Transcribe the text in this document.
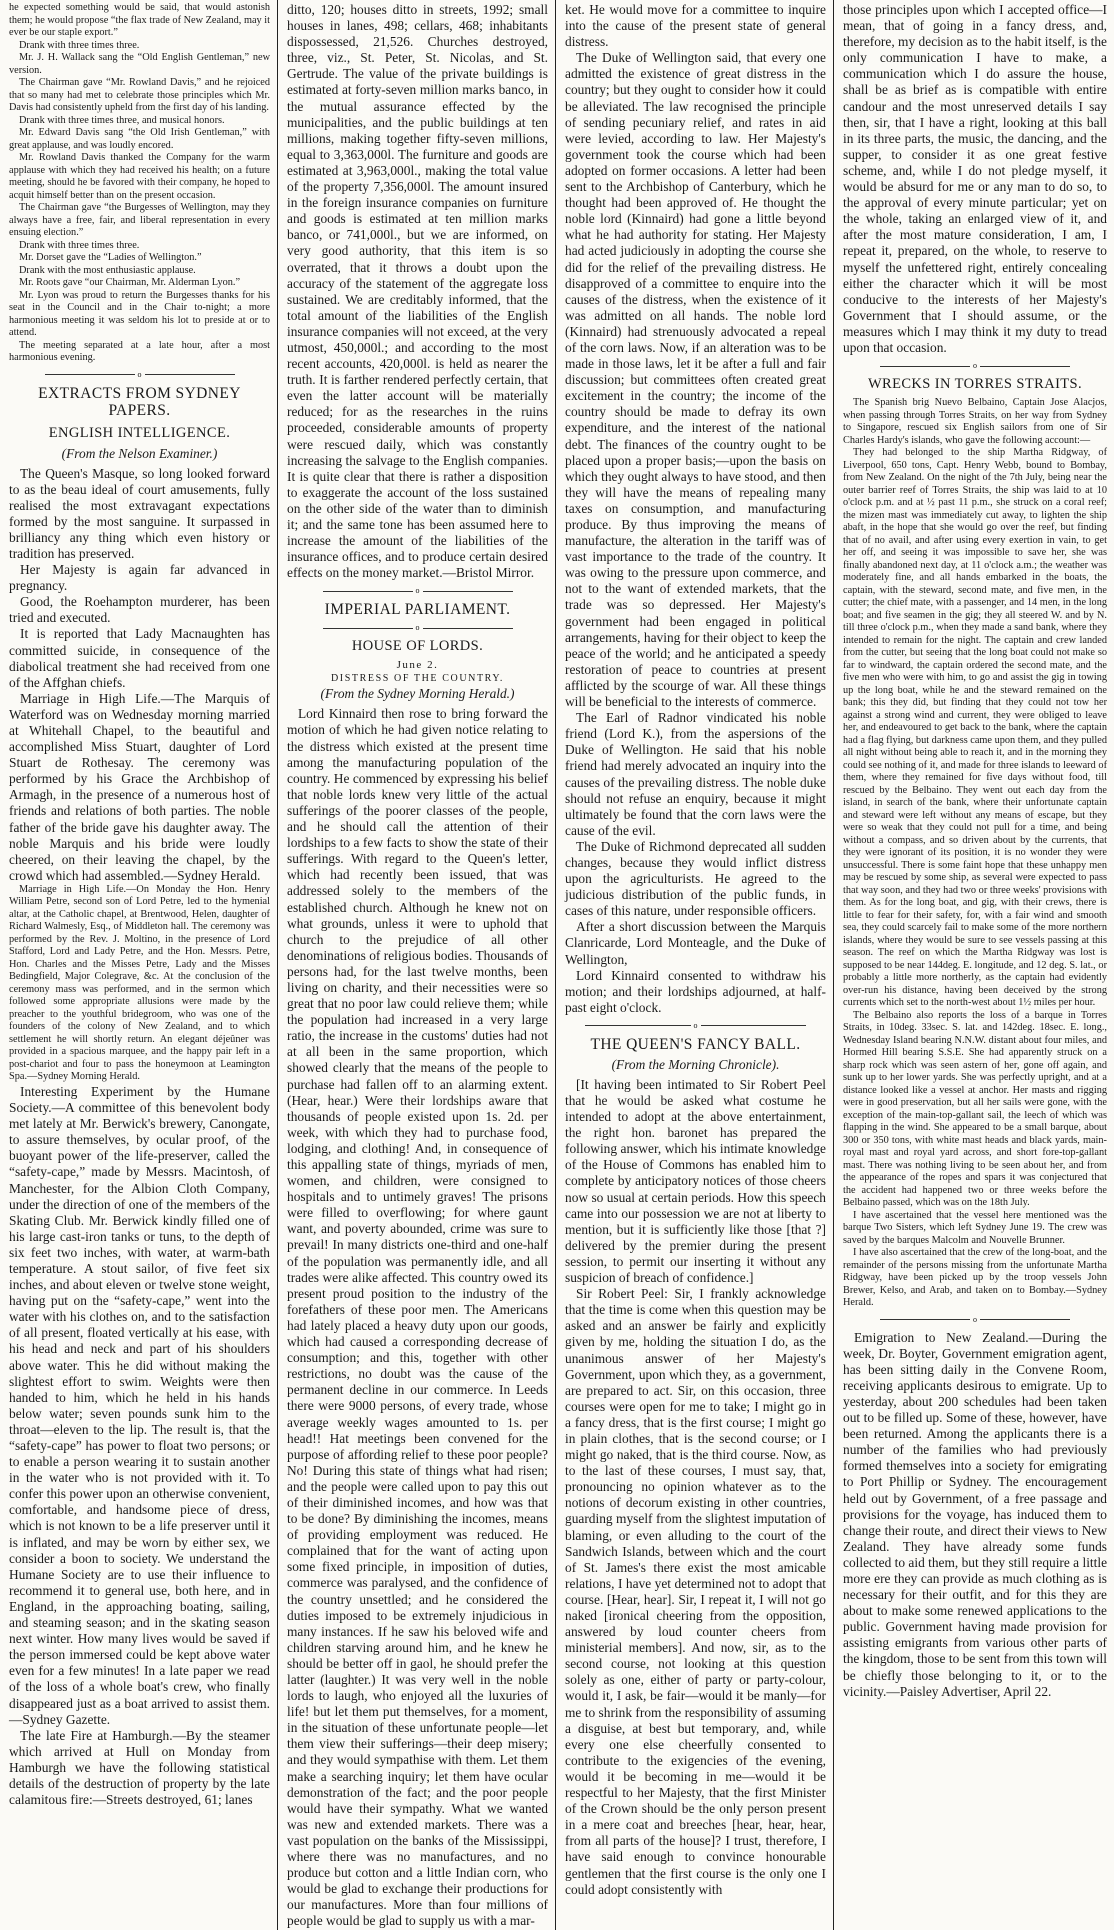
he expected something would be said, that would astonish them; he would propose “the flax trade of New Zealand, may it ever be our staple export.”

Drank with three times three.

Mr. J. H. Wallack sang the “Old English Gentleman,” new version.

The Chairman gave “Mr. Rowland Davis,” and he rejoiced that so many had met to celebrate those principles which Mr. Davis had consistently upheld from the first day of his landing.

Drank with three times three, and musical honors.

Mr. Edward Davis sang “the Old Irish Gentleman,” with great applause, and was loudly encored.

Mr. Rowland Davis thanked the Company for the warm applause with which they had received his health; on a future meeting, should he be favored with their company, he hoped to acquit himself better than on the present occasion.

The Chairman gave “the Burgesses of Wellington, may they always have a free, fair, and liberal representation in every ensuing election.”

Drank with three times three.

Mr. Dorset gave the “Ladies of Wellington.”

Drank with the most enthusiastic applause.

Mr. Roots gave “our Chairman, Mr. Alderman Lyon.”

Mr. Lyon was proud to return the Burgesses thanks for his seat in the Council and in the Chair to-night; a more harmonious meeting it was seldom his lot to preside at or to attend.

The meeting separated at a late hour, after a most harmonious evening.

o
EXTRACTS FROM SYDNEY PAPERS.
ENGLISH INTELLIGENCE.
(From the Nelson Examiner.)

The Queen's Masque, so long looked forward to as the beau ideal of court amusements, fully realised the most extravagant expectations formed by the most sanguine. It surpassed in brilliancy any thing which even history or tradition has preserved.

Her Majesty is again far advanced in pregnancy.

Good, the Roehampton murderer, has been tried and executed.

It is reported that Lady Macnaughten has committed suicide, in consequence of the diabolical treatment she had received from one of the Affghan chiefs.

Marriage in High Life.—The Marquis of Waterford was on Wednesday morning married at Whitehall Chapel, to the beautiful and accomplished Miss Stuart, daughter of Lord Stuart de Rothesay. The ceremony was performed by his Grace the Archbishop of Armagh, in the presence of a numerous host of friends and relations of both parties. The noble father of the bride gave his daughter away. The noble Marquis and his bride were loudly cheered, on their leaving the chapel, by the crowd which had assembled.—Sydney Herald.

Marriage in High Life.—On Monday the Hon. Henry William Petre, second son of Lord Petre, led to the hymenial altar, at the Catholic chapel, at Brentwood, Helen, daughter of Richard Walmesly, Esq., of Middleton hall. The ceremony was performed by the Rev. J. Moltino, in the presence of Lord Stafford, Lord and Lady Petre, and the Hon. Messrs. Petre, Hon. Charles and the Misses Petre, Lady and the Misses Bedingfield, Major Colegrave, &c. At the conclusion of the ceremony mass was performed, and in the sermon which followed some appropriate allusions were made by the preacher to the youthful bridegroom, who was one of the founders of the colony of New Zealand, and to which settlement he will shortly return. An elegant déjeûner was provided in a spacious marquee, and the happy pair left in a post-chariot and four to pass the honeymoon at Leamington Spa.—Sydney Morning Herald.

Interesting Experiment by the Humane Society.—A committee of this benevolent body met lately at Mr. Berwick's brewery, Canongate, to assure themselves, by ocular proof, of the buoyant power of the life-preserver, called the “safety-cape,” made by Messrs. Macintosh, of Manchester, for the Albion Cloth Company, under the direction of one of the members of the Skating Club. Mr. Berwick kindly filled one of his large cast-iron tanks or tuns, to the depth of six feet two inches, with water, at warm-bath temperature. A stout sailor, of five feet six inches, and about eleven or twelve stone weight, having put on the “safety-cape,” went into the water with his clothes on, and to the satisfaction of all present, floated vertically at his ease, with his head and neck and part of his shoulders above water. This he did without making the slightest effort to swim. Weights were then handed to him, which he held in his hands below water; seven pounds sunk him to the throat—eleven to the lip. The result is, that the “safety-cape” has power to float two persons; or to enable a person wearing it to sustain another in the water who is not provided with it. To confer this power upon an otherwise convenient, comfortable, and handsome piece of dress, which is not known to be a life preserver until it is inflated, and may be worn by either sex, we consider a boon to society. We understand the Humane Society are to use their influence to recommend it to general use, both here, and in England, in the approaching boating, sailing, and steaming season; and in the skating season next winter. How many lives would be saved if the person immersed could be kept above water even for a few minutes! In a late paper we read of the loss of a whole boat's crew, who finally disappeared just as a boat arrived to assist them.—Sydney Gazette.

The late Fire at Hamburgh.—By the steamer which arrived at Hull on Monday from Hamburgh we have the following statistical details of the destruction of property by the late calamitous fire:—Streets destroyed, 61; lanes

ditto, 120; houses ditto in streets, 1992; small houses in lanes, 498; cellars, 468; inhabitants dispossessed, 21,526. Churches destroyed, three, viz., St. Peter, St. Nicolas, and St. Gertrude. The value of the private buildings is estimated at forty-seven million marks banco, in the mutual assurance effected by the municipalities, and the public buildings at ten millions, making together fifty-seven millions, equal to 3,363,000l. The furniture and goods are estimated at 3,963,000l., making the total value of the property 7,356,000l. The amount insured in the foreign insurance companies on furniture and goods is estimated at ten million marks banco, or 741,000l., but we are informed, on very good authority, that this item is so overrated, that it throws a doubt upon the accuracy of the statement of the aggregate loss sustained. We are creditably informed, that the total amount of the liabilities of the English insurance companies will not exceed, at the very utmost, 450,000l.; and according to the most recent accounts, 420,000l. is held as nearer the truth. It is farther rendered perfectly certain, that even the latter account will be materially reduced; for as the researches in the ruins proceeded, considerable amounts of property were rescued daily, which was constantly increasing the salvage to the English companies. It is quite clear that there is rather a disposition to exaggerate the account of the loss sustained on the other side of the water than to diminish it; and the same tone has been assumed here to increase the amount of the liabilities of the insurance offices, and to produce certain desired effects on the money market.—Bristol Mirror.

o
IMPERIAL PARLIAMENT.
o
HOUSE OF LORDS.
June 2.
DISTRESS OF THE COUNTRY.
(From the Sydney Morning Herald.)

Lord Kinnaird then rose to bring forward the motion of which he had given notice relating to the distress which existed at the present time among the manufacturing population of the country. He commenced by expressing his belief that noble lords knew very little of the actual sufferings of the poorer classes of the people, and he should call the attention of their lordships to a few facts to show the state of their sufferings. With regard to the Queen's letter, which had recently been issued, that was addressed solely to the members of the established church. Although he knew not on what grounds, unless it were to uphold that church to the prejudice of all other denominations of religious bodies. Thousands of persons had, for the last twelve months, been living on charity, and their necessities were so great that no poor law could relieve them; while the population had increased in a very large ratio, the increase in the customs' duties had not at all been in the same proportion, which showed clearly that the means of the people to purchase had fallen off to an alarming extent. (Hear, hear.) Were their lordships aware that thousands of people existed upon 1s. 2d. per week, with which they had to purchase food, lodging, and clothing! And, in consequence of this appalling state of things, myriads of men, women, and children, were consigned to hospitals and to untimely graves! The prisons were filled to overflowing; for where gaunt want, and poverty abounded, crime was sure to prevail! In many districts one-third and one-half of the population was permanently idle, and all trades were alike affected. This country owed its present proud position to the industry of the forefathers of these poor men. The Americans had lately placed a heavy duty upon our goods, which had caused a corresponding decrease of consumption; and this, together with other restrictions, no doubt was the cause of the permanent decline in our commerce. In Leeds there were 9000 persons, of every trade, whose average weekly wages amounted to 1s. per head!! Hat meetings been convened for the purpose of affording relief to these poor people? No! During this state of things what had risen; and the people were called upon to pay this out of their diminished incomes, and how was that to be done? By diminishing the incomes, means of providing employment was reduced. He complained that for the want of acting upon some fixed principle, in imposition of duties, commerce was paralysed, and the confidence of the country unsettled; and he considered the duties imposed to be extremely injudicious in many instances. If he saw his beloved wife and children starving around him, and he knew he should be better off in gaol, he should prefer the latter (laughter.) It was very well in the noble lords to laugh, who enjoyed all the luxuries of life! but let them put themselves, for a moment, in the situation of these unfortunate people—let them view their sufferings—their deep misery; and they would sympathise with them. Let them make a searching inquiry; let them have ocular demonstration of the fact; and the poor people would have their sympathy. What we wanted was new and extended markets. There was a vast population on the banks of the Mississippi, where there was no manufactures, and no produce but cotton and a little Indian corn, who would be glad to exchange their productions for our manufactures. More than four millions of people would be glad to supply us with a mar-

ket. He would move for a committee to inquire into the cause of the present state of general distress.

The Duke of Wellington said, that every one admitted the existence of great distress in the country; but they ought to consider how it could be alleviated. The law recognised the principle of sending pecuniary relief, and rates in aid were levied, according to law. Her Majesty's government took the course which had been adopted on former occasions. A letter had been sent to the Archbishop of Canterbury, which he thought had been approved of. He thought the noble lord (Kinnaird) had gone a little beyond what he had authority for stating. Her Majesty had acted judiciously in adopting the course she did for the relief of the prevailing distress. He disapproved of a committee to enquire into the causes of the distress, when the existence of it was admitted on all hands. The noble lord (Kinnaird) had strenuously advocated a repeal of the corn laws. Now, if an alteration was to be made in those laws, let it be after a full and fair discussion; but committees often created great excitement in the country; the income of the country should be made to defray its own expenditure, and the interest of the national debt. The finances of the country ought to be placed upon a proper basis;—upon the basis on which they ought always to have stood, and then they will have the means of repealing many taxes on consumption, and manufacturing produce. By thus improving the means of manufacture, the alteration in the tariff was of vast importance to the trade of the country. It was owing to the pressure upon commerce, and not to the want of extended markets, that the trade was so depressed. Her Majesty's government had been engaged in political arrangements, having for their object to keep the peace of the world; and he anticipated a speedy restoration of peace to countries at present afflicted by the scourge of war. All these things will be beneficial to the interests of commerce.

The Earl of Radnor vindicated his noble friend (Lord K.), from the aspersions of the Duke of Wellington. He said that his noble friend had merely advocated an inquiry into the causes of the prevailing distress. The noble duke should not refuse an enquiry, because it might ultimately be found that the corn laws were the cause of the evil.

The Duke of Richmond deprecated all sudden changes, because they would inflict distress upon the agriculturists. He agreed to the judicious distribution of the public funds, in cases of this nature, under responsible officers.

After a short discussion between the Marquis Clanricarde, Lord Monteagle, and the Duke of Wellington,

Lord Kinnaird consented to withdraw his motion; and their lordships adjourned, at half-past eight o'clock.

o
THE QUEEN'S FANCY BALL.
(From the Morning Chronicle).

[It having been intimated to Sir Robert Peel that he would be asked what costume he intended to adopt at the above entertainment, the right hon. baronet has prepared the following answer, which his intimate knowledge of the House of Commons has enabled him to complete by anticipatory notices of those cheers now so usual at certain periods. How this speech came into our possession we are not at liberty to mention, but it is sufficiently like those [that ?] delivered by the premier during the present session, to permit our inserting it without any suspicion of breach of confidence.]

Sir Robert Peel: Sir, I frankly acknowledge that the time is come when this question may be asked and an answer be fairly and explicitly given by me, holding the situation I do, as the unanimous answer of her Majesty's Government, upon which they, as a government, are prepared to act. Sir, on this occasion, three courses were open for me to take; I might go in a fancy dress, that is the first course; I might go in plain clothes, that is the second course; or I might go naked, that is the third course. Now, as to the last of these courses, I must say, that, pronouncing no opinion whatever as to the notions of decorum existing in other countries, guarding myself from the slightest imputation of blaming, or even alluding to the court of the Sandwich Islands, between which and the court of St. James's there exist the most amicable relations, I have yet determined not to adopt that course. [Hear, hear]. Sir, I repeat it, I will not go naked [ironical cheering from the opposition, answered by loud counter cheers from ministerial members]. And now, sir, as to the second course, not looking at this question solely as one, either of party or party-colour, would it, I ask, be fair—would it be manly—for me to shrink from the responsibility of assuming a disguise, at best but temporary, and, while every one else cheerfully consented to contribute to the exigencies of the evening, would it be becoming in me—would it be respectful to her Majesty, that the first Minister of the Crown should be the only person present in a mere coat and breeches [hear, hear, hear, from all parts of the house]? I trust, therefore, I have said enough to convince honourable gentlemen that the first course is the only one I could adopt consistently with

those principles upon which I accepted office—I mean, that of going in a fancy dress, and, therefore, my decision as to the habit itself, is the only communication I have to make, a communication which I do assure the house, shall be as brief as is compatible with entire candour and the most unreserved details I say then, sir, that I have a right, looking at this ball in its three parts, the music, the dancing, and the supper, to consider it as one great festive scheme, and, while I do not pledge myself, it would be absurd for me or any man to do so, to the approval of every minute particular; yet on the whole, taking an enlarged view of it, and after the most mature consideration, I am, I repeat it, prepared, on the whole, to reserve to myself the unfettered right, entirely concealing either the character which it will be most conducive to the interests of her Majesty's Government that I should assume, or the measures which I may think it my duty to tread upon that occasion.

o
WRECKS IN TORRES STRAITS.

The Spanish brig Nuevo Belbaino, Captain Jose Alacjos, when passing through Torres Straits, on her way from Sydney to Singapore, rescued six English sailors from one of Sir Charles Hardy's islands, who gave the following account:—

They had belonged to the ship Martha Ridgway, of Liverpool, 650 tons, Capt. Henry Webb, bound to Bombay, from New Zealand. On the night of the 7th July, being near the outer barrier reef of Torres Straits, the ship was laid to at 10 o'clock p.m. and at ½ past 11 p.m., she struck on a coral reef; the mizen mast was immediately cut away, to lighten the ship abaft, in the hope that she would go over the reef, but finding that of no avail, and after using every exertion in vain, to get her off, and seeing it was impossible to save her, she was finally abandoned next day, at 11 o'clock a.m.; the weather was moderately fine, and all hands embarked in the boats, the captain, with the steward, second mate, and five men, in the cutter; the chief mate, with a passenger, and 14 men, in the long boat; and five seamen in the gig; they all steered W. and by N. till three o'clock p.m., when they made a sand bank, where they intended to remain for the night. The captain and crew landed from the cutter, but seeing that the long boat could not make so far to windward, the captain ordered the second mate, and the five men who were with him, to go and assist the gig in towing up the long boat, while he and the steward remained on the bank; this they did, but finding that they could not tow her against a strong wind and current, they were obliged to leave her, and endeavoured to get back to the bank, where the captain had a flag flying, but darkness came upon them, and they pulled all night without being able to reach it, and in the morning they could see nothing of it, and made for three islands to leeward of them, where they remained for five days without food, till rescued by the Belbaino. They went out each day from the island, in search of the bank, where their unfortunate captain and steward were left without any means of escape, but they were so weak that they could not pull for a time, and being without a compass, and so driven about by the currents, that they were ignorant of its position, it is no wonder they were unsuccessful. There is some faint hope that these unhappy men may be rescued by some ship, as several were expected to pass that way soon, and they had two or three weeks' provisions with them. As for the long boat, and gig, with their crews, there is little to fear for their safety, for, with a fair wind and smooth sea, they could scarcely fail to make some of the more northern islands, where they would be sure to see vessels passing at this season. The reef on which the Martha Ridgway was lost is supposed to be near 144deg. E. longitude, and 12 deg. S. lat., or probably a little more northerly, as the captain had evidently over-run his distance, having been deceived by the strong currents which set to the north-west about 1½ miles per hour.

The Belbaino also reports the loss of a barque in Torres Straits, in 10deg. 33sec. S. lat. and 142deg. 18sec. E. long., Wednesday Island bearing N.N.W. distant about four miles, and Hormed Hill bearing S.S.E. She had apparently struck on a sharp rock which was seen astern of her, gone off again, and sunk up to her lower yards. She was perfectly upright, and at a distance looked like a vessel at anchor. Her masts and rigging were in good preservation, but all her sails were gone, with the exception of the main-top-gallant sail, the leech of which was flapping in the wind. She appeared to be a small barque, about 300 or 350 tons, with white mast heads and black yards, main-royal mast and royal yard across, and short fore-top-gallant mast. There was nothing living to be seen about her, and from the appearance of the ropes and spars it was conjectured that the accident had happened two or three weeks before the Belbaino passed, which was on the 18th July.

I have ascertained that the vessel here mentioned was the barque Two Sisters, which left Sydney June 19. The crew was saved by the barques Malcolm and Nouvelle Brunner.

I have also ascertained that the crew of the long-boat, and the remainder of the persons missing from the unfortunate Martha Ridgway, have been picked up by the troop vessels John Brewer, Kelso, and Arab, and taken on to Bombay.—Sydney Herald.

o

Emigration to New Zealand.—During the week, Dr. Boyter, Government emigration agent, has been sitting daily in the Convene Room, receiving applicants desirous to emigrate. Up to yesterday, about 200 schedules had been taken out to be filled up. Some of these, however, have been returned. Among the applicants there is a number of the families who had previously formed themselves into a society for emigrating to Port Phillip or Sydney. The encouragement held out by Government, of a free passage and provisions for the voyage, has induced them to change their route, and direct their views to New Zealand. They have already some funds collected to aid them, but they still require a little more ere they can provide as much clothing as is necessary for their outfit, and for this they are about to make some renewed applications to the public. Government having made provision for assisting emigrants from various other parts of the kingdom, those to be sent from this town will be chiefly those belonging to it, or to the vicinity.—Paisley Advertiser, April 22.
